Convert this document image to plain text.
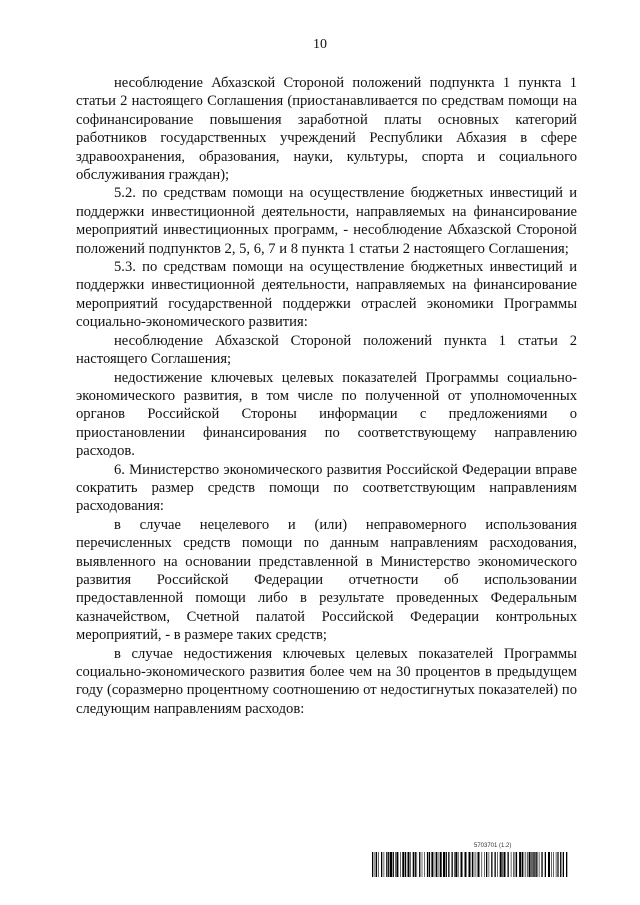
10

несоблюдение Абхазской Стороной положений подпункта 1 пункта 1 статьи 2 настоящего Соглашения (приостанавливается по средствам помощи на софинансирование повышения заработной платы основных категорий работников государственных учреждений Республики Абхазия в сфере здравоохранения, образования, науки, культуры, спорта и социального обслуживания граждан);

5.2. по средствам помощи на осуществление бюджетных инвестиций и поддержки инвестиционной деятельности, направляемых на финансирование мероприятий инвестиционных программ, - несоблюдение Абхазской Стороной положений подпунктов 2, 5, 6, 7 и 8 пункта 1 статьи 2 настоящего Соглашения;

5.3. по средствам помощи на осуществление бюджетных инвестиций и поддержки инвестиционной деятельности, направляемых на финансирование мероприятий государственной поддержки отраслей экономики Программы социально-экономического развития:

несоблюдение Абхазской Стороной положений пункта 1 статьи 2 настоящего Соглашения;

недостижение ключевых целевых показателей Программы социально-экономического развития, в том числе по полученной от уполномоченных органов Российской Стороны информации с предложениями о приостановлении финансирования по соответствующему направлению расходов.

6. Министерство экономического развития Российской Федерации вправе сократить размер средств помощи по соответствующим направлениям расходования:

в случае нецелевого и (или) неправомерного использования перечисленных средств помощи по данным направлениям расходования, выявленного на основании представленной в Министерство экономического развития Российской Федерации отчетности об использовании предоставленной помощи либо в результате проведенных Федеральным казначейством, Счетной палатой Российской Федерации контрольных мероприятий, - в размере таких средств;

в случае недостижения ключевых целевых показателей Программы социально-экономического развития более чем на 30 процентов в предыдущем году (соразмерно процентному соотношению от недостигнутых показателей) по следующим направлениям расходов:

5703701 (1.2)
